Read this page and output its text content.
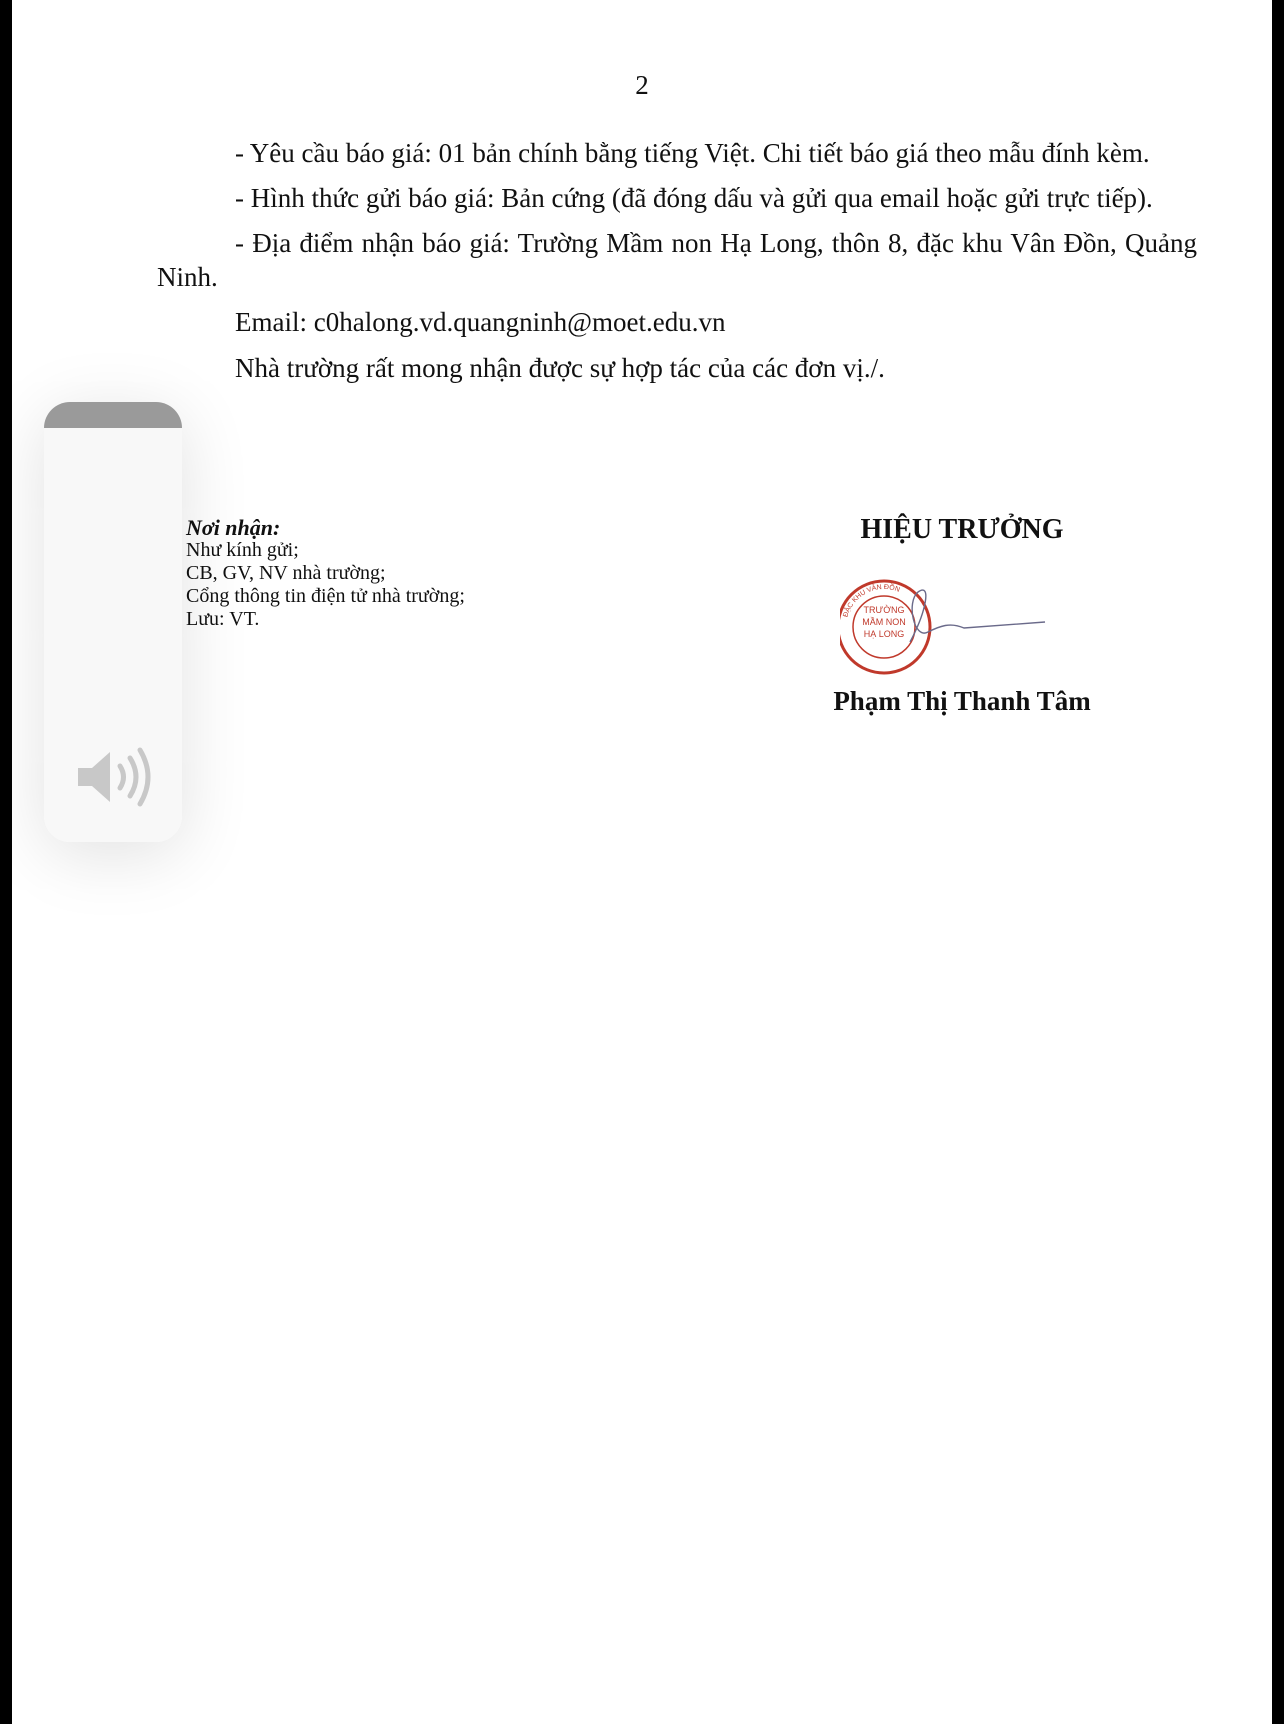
2

- Yêu cầu báo giá: 01 bản chính bằng tiếng Việt. Chi tiết báo giá theo mẫu đính kèm.

- Hình thức gửi báo giá: Bản cứng (đã đóng dấu và gửi qua email hoặc gửi trực tiếp).

- Địa điểm nhận báo giá: Trường Mầm non Hạ Long, thôn 8, đặc khu Vân Đồn, Quảng Ninh.

Email: c0halong.vd.quangninh@moet.edu.vn

Nhà trường rất mong nhận được sự hợp tác của các đơn vị./.

Nơi nhận:
Như kính gửi;
CB, GV, NV nhà trường;
Cổng thông tin điện tử nhà trường;
Lưu: VT.
HIỆU TRƯỞNG
TRƯỜNG
MẦM NON
HẠ LONG
ĐẶC KHU VÂN ĐỒN
Phạm Thị Thanh Tâm
